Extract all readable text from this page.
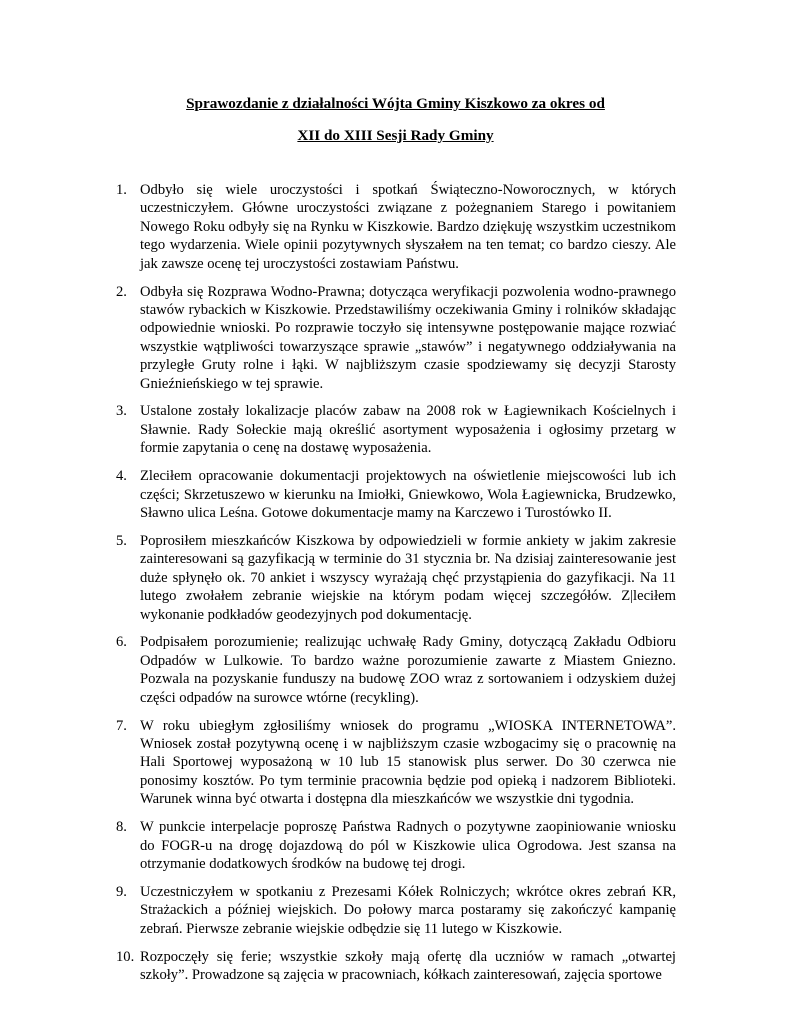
Sprawozdanie z działalności Wójta Gminy Kiszkowo za okres od
XII do XIII Sesji Rady Gminy
1. Odbyło się wiele uroczystości i spotkań Świąteczno-Noworocznych, w których uczestniczyłem. Główne uroczystości związane z pożegnaniem Starego i powitaniem Nowego Roku odbyły się na Rynku w Kiszkowie. Bardzo dziękuję wszystkim uczestnikom tego wydarzenia. Wiele opinii pozytywnych słyszałem na ten temat; co bardzo cieszy. Ale jak zawsze ocenę tej uroczystości zostawiam Państwu.
2. Odbyła się Rozprawa Wodno-Prawna; dotycząca weryfikacji pozwolenia wodno-prawnego stawów rybackich w Kiszkowie. Przedstawiliśmy oczekiwania Gminy i rolników składając odpowiednie wnioski. Po rozprawie toczyło się intensywne postępowanie mające rozwiać wszystkie wątpliwości towarzyszące sprawie „stawów” i negatywnego oddziaływania na przyległe Gruty rolne i łąki. W najbliższym czasie spodziewamy się decyzji Starosty Gnieźnieńskiego w tej sprawie.
3. Ustalone zostały lokalizacje placów zabaw na 2008 rok w Łagiewnikach Kościelnych i Sławnie. Rady Sołeckie mają określić asortyment wyposażenia i ogłosimy przetarg w formie zapytania o cenę na dostawę wyposażenia.
4. Zleciłem opracowanie dokumentacji projektowych na oświetlenie miejscowości lub ich części; Skrzetuszewo w kierunku na Imiołki, Gniewkowo, Wola Łagiewnicka, Brudzewko, Sławno ulica Leśna. Gotowe dokumentacje mamy na Karczewo i Turostówko II.
5. Poprosiłem mieszkańców Kiszkowa by odpowiedzieli w formie ankiety w jakim zakresie zainteresowani są gazyfikacją w terminie do 31 stycznia br. Na dzisiaj zainteresowanie jest duże spłynęło ok. 70 ankiet i wszyscy wyrażają chęć przystąpienia do gazyfikacji. Na 11 lutego zwołałem zebranie wiejskie na którym podam więcej szczegółów. Z|leciłem wykonanie podkładów geodezyjnych pod dokumentację.
6. Podpisałem porozumienie; realizując uchwałę Rady Gminy, dotyczącą Zakładu Odbioru Odpadów w Lulkowie. To bardzo ważne porozumienie zawarte z Miastem Gniezno. Pozwala na pozyskanie funduszy na budowę ZOO wraz z sortowaniem i odzyskiem dużej części odpadów na surowce wtórne (recykling).
7. W roku ubiegłym zgłosiliśmy wniosek do programu „WIOSKA INTERNETOWA”. Wniosek został pozytywną ocenę i w najbliższym czasie wzbogacimy się o pracownię na Hali Sportowej wyposażoną w 10 lub 15 stanowisk plus serwer. Do 30 czerwca nie ponosimy kosztów. Po tym terminie pracownia będzie pod opieką i nadzorem Biblioteki. Warunek winna być otwarta i dostępna dla mieszkańców we wszystkie dni tygodnia.
8. W punkcie interpelacje poproszę Państwa Radnych o pozytywne zaopiniowanie wniosku do FOGR-u na drogę dojazdową do pól w Kiszkowie ulica Ogrodowa. Jest szansa na otrzymanie dodatkowych środków na budowę tej drogi.
9. Uczestniczyłem w spotkaniu z Prezesami Kółek Rolniczych; wkrótce okres zebrań KR, Strażackich a później wiejskich. Do połowy marca postaramy się zakończyć kampanię zebrań. Pierwsze zebranie wiejskie odbędzie się 11 lutego w Kiszkowie.
10. Rozpoczęły się ferie; wszystkie szkoły mają ofertę dla uczniów w ramach „otwartej szkoły”. Prowadzone są zajęcia w pracowniach, kółkach zainteresowań, zajęcia sportowe
